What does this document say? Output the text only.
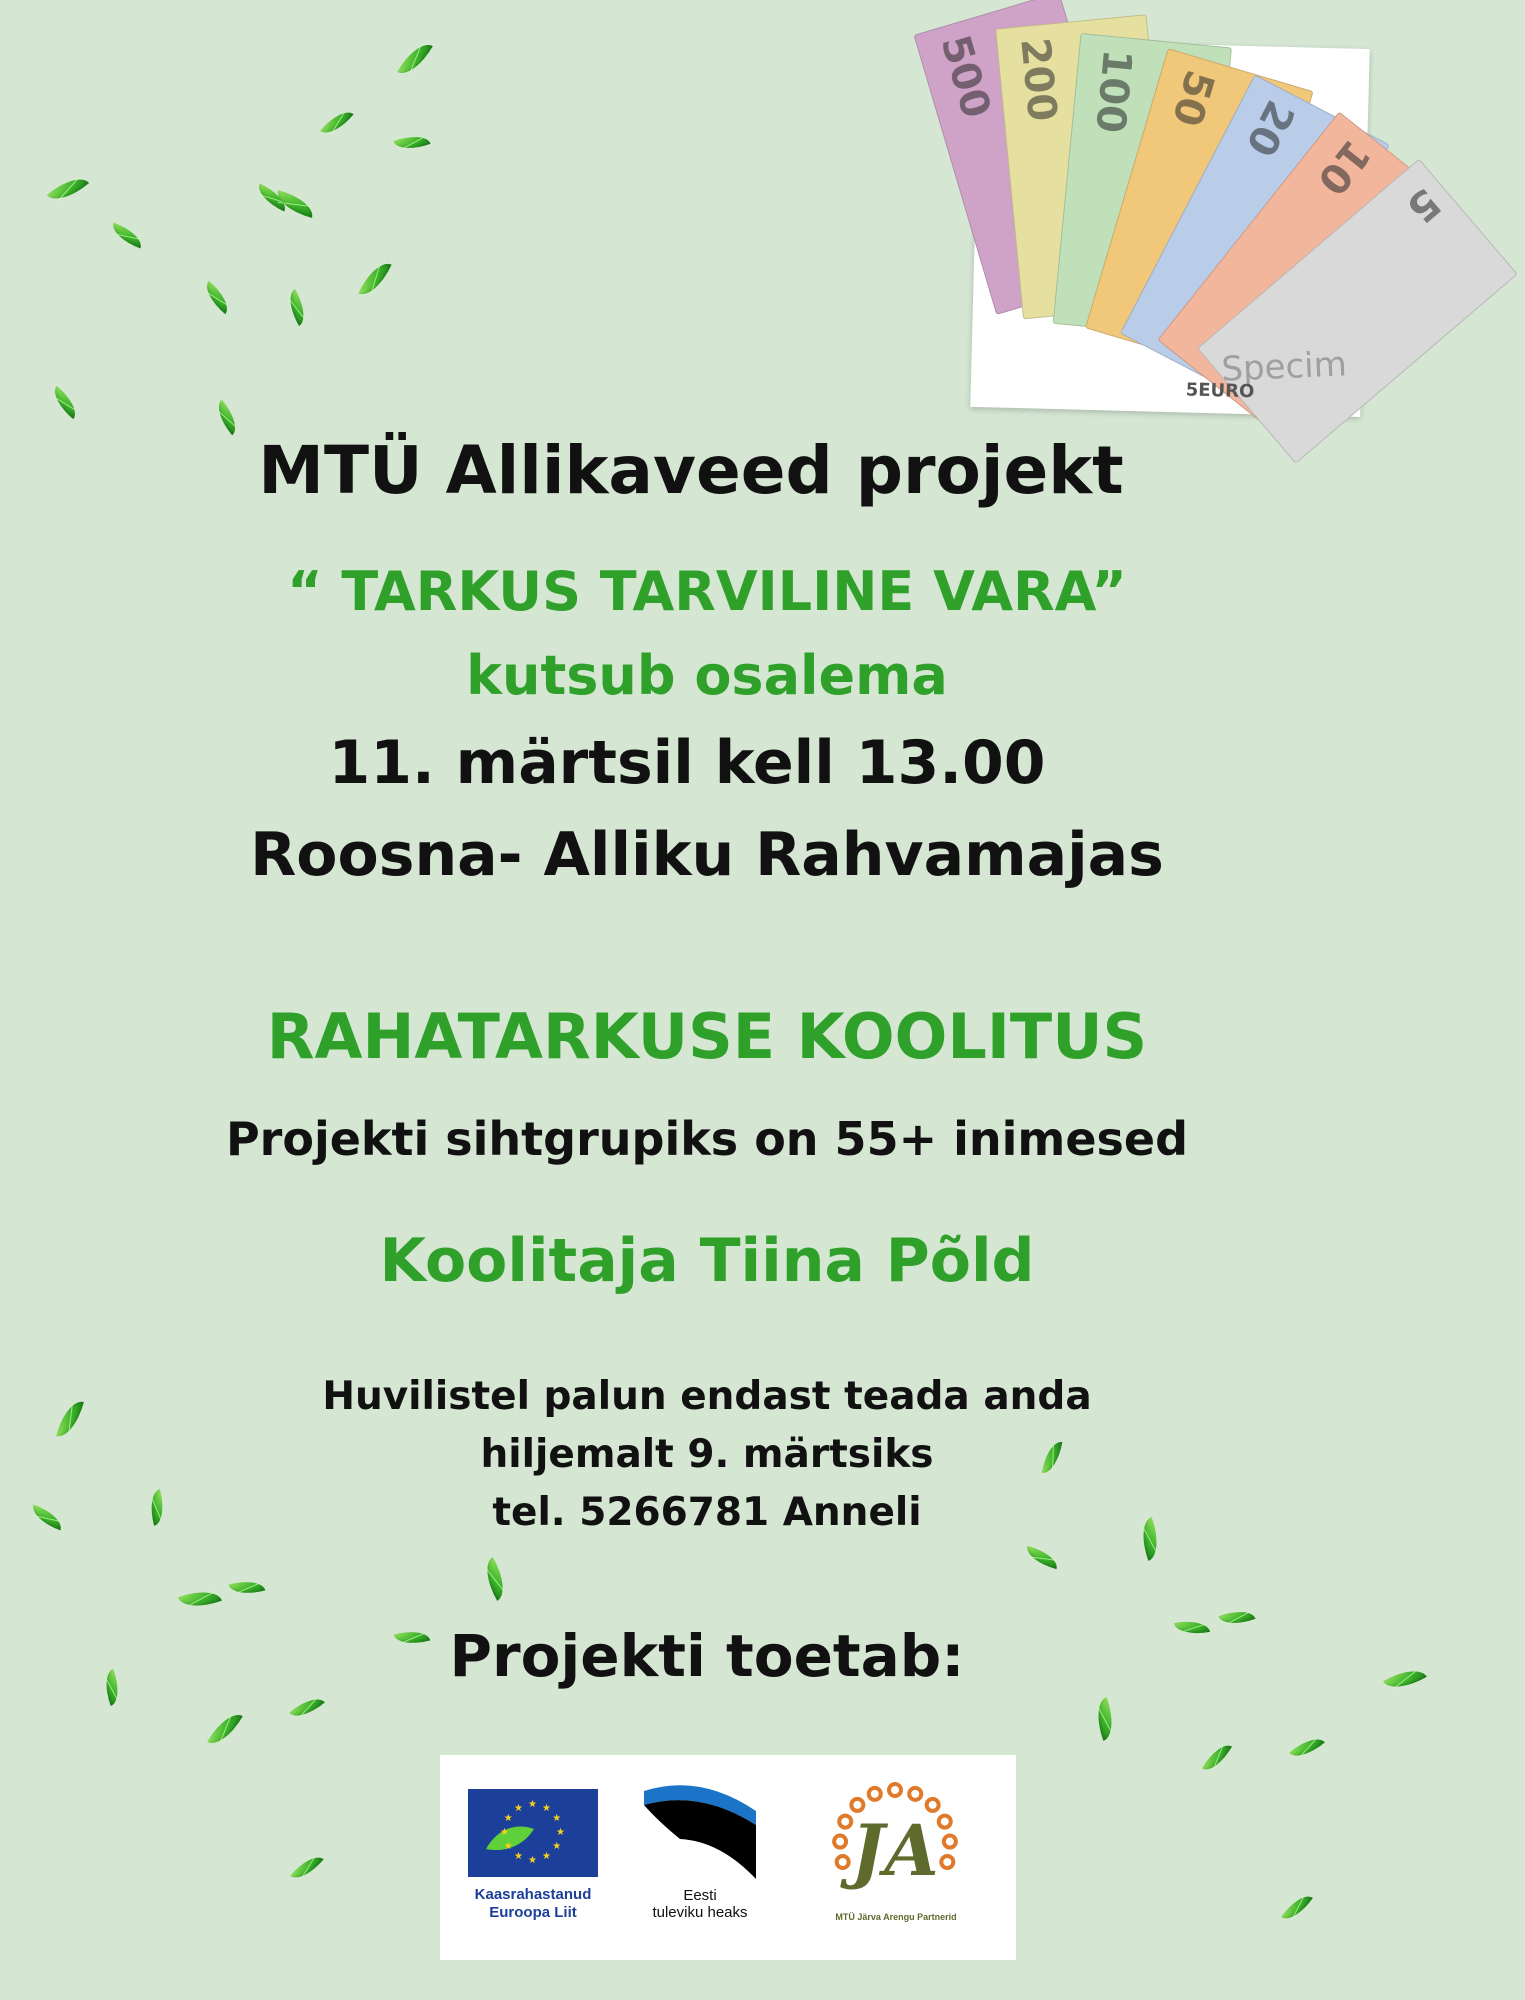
500 200 100 50 20
10
5
Specim
5EURO

MTÜ Allikaveed projekt

“ TARKUS TARVILINE VARA”

kutsub osalema

11. märtsil kell 13.00

Roosna- Alliku Rahvamajas

RAHATARKUSE KOOLITUS

Projekti sihtgrupiks on 55+ inimesed

Koolitaja Tiina Põld

Huvilistel palun endast teada anda

hiljemalt 9. märtsiks

tel. 5266781 Anneli

Projekti toetab:

★
★
★
★
★
★
★
★
★ ★ ★
★
Kaasrahastanud
Euroopa Liit
Eesti
tuleviku heaks
JA
MTÜ Järva Arengu Partnerid
